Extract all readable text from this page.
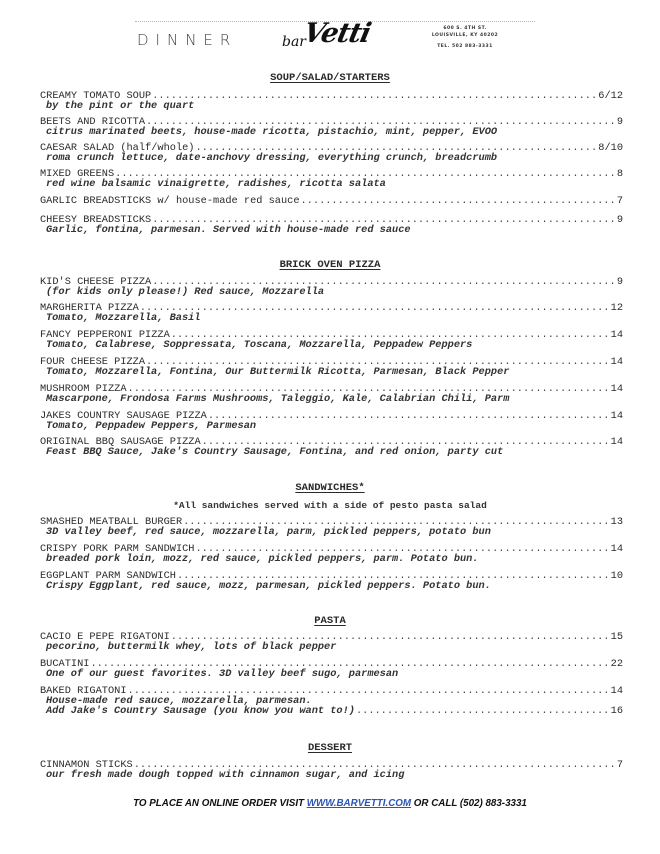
DINNER	bar
Vetti	600 S. 4TH ST.
LOUISVILLE, KY 40202
TEL. 502 883-3331
SOUP/SALAD/STARTERS
CREAMY TOMATO SOUP .....	6/12
by the pint or the quart
BEETS AND RICOTTA .....	9
citrus marinated beets, house-made ricotta, pistachio, mint, pepper, EVOO
CAESAR SALAD (half/whole) .....	8/10
roma crunch lettuce, date-anchovy dressing, everything crunch, breadcrumb
MIXED GREENS .....	8
red wine balsamic vinaigrette, radishes, ricotta salata
GARLIC BREADSTICKS w/ house-made red sauce .....	7
CHEESY BREADSTICKS .....	9
Garlic, fontina, parmesan. Served with house-made red sauce
BRICK OVEN PIZZA
KID'S CHEESE PIZZA .....	9
(for kids only please!) Red sauce, Mozzarella
MARGHERITA PIZZA .....	12
Tomato, Mozzarella, Basil
FANCY PEPPERONI PIZZA .....	14
Tomato, Calabrese, Soppressata, Toscana, Mozzarella, Peppadew Peppers
FOUR CHEESE PIZZA .....	14
Tomato, Mozzarella, Fontina, Our Buttermilk Ricotta, Parmesan, Black Pepper
MUSHROOM PIZZA .....	14
Mascarpone, Frondosa Farms Mushrooms, Taleggio, Kale, Calabrian Chili, Parm
JAKES COUNTRY SAUSAGE PIZZA .....	14
Tomato, Peppadew Peppers, Parmesan
ORIGINAL BBQ SAUSAGE PIZZA .....	14
Feast BBQ Sauce, Jake's Country Sausage, Fontina, and red onion, party cut
SANDWICHES*
*All sandwiches served with a side of pesto pasta salad
SMASHED MEATBALL BURGER .....	13
3D valley beef, red sauce, mozzarella, parm, pickled peppers, potato bun
CRISPY PORK PARM SANDWICH .....	14
breaded pork loin, mozz, red sauce, pickled peppers, parm. Potato bun.
EGGPLANT PARM SANDWICH .....	10
Crispy Eggplant, red sauce, mozz, parmesan, pickled peppers. Potato bun.
PASTA
CACIO E PEPE RIGATONI .....	15
pecorino, buttermilk whey, lots of black pepper
BUCATINI .....	22
One of our guest favorites. 3D valley beef sugo, parmesan
BAKED RIGATONI .....	14
House-made red sauce, mozzarella, parmesan.
Add Jake's Country Sausage (you know you want to!) .....	16
DESSERT
CINNAMON STICKS .....	7
our fresh made dough topped with cinnamon sugar, and icing
TO PLACE AN ONLINE ORDER VISIT WWW.BARVETTI.COM OR CALL (502) 883-3331
